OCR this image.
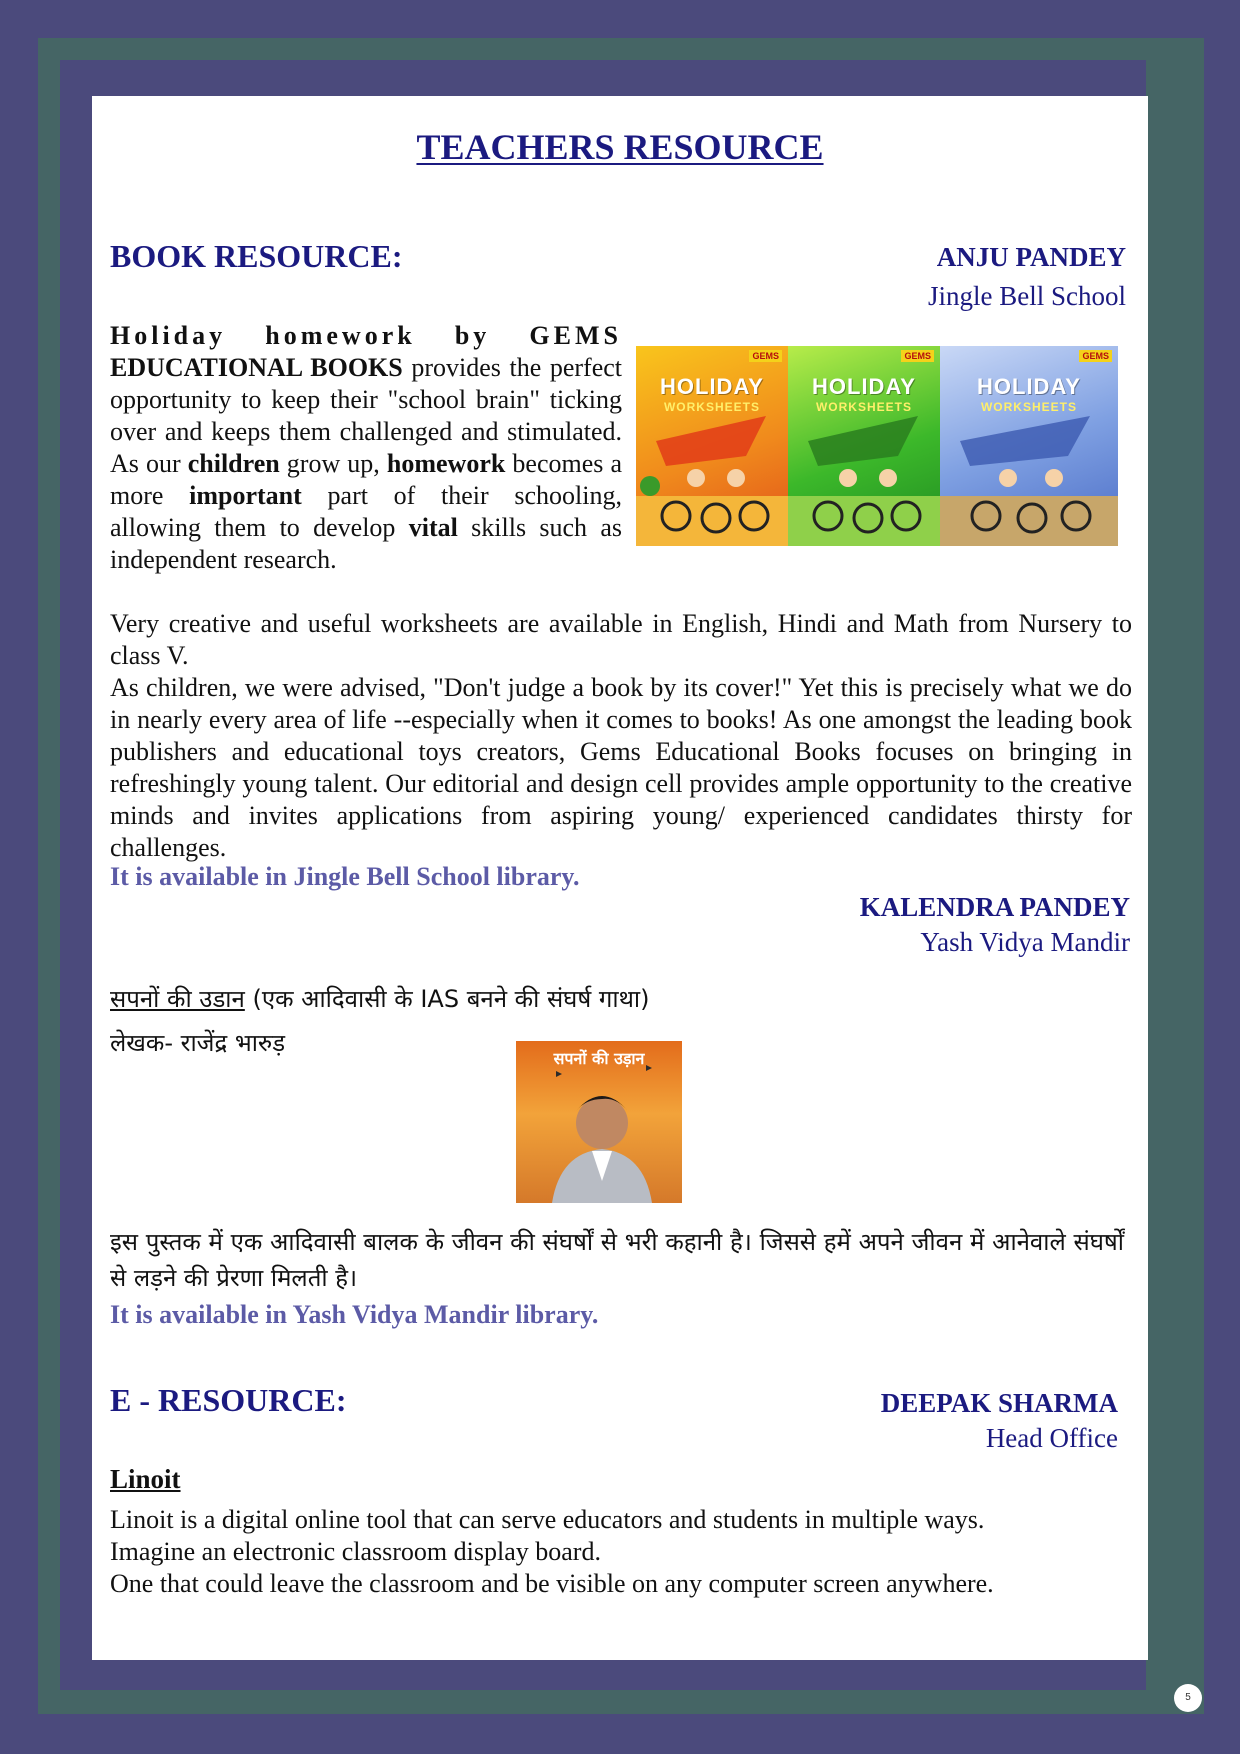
TEACHERS RESOURCE
BOOK RESOURCE:	ANJU PANDEY
Jingle Bell School
Holiday homework by GEMS EDUCATIONAL BOOKS provides the perfect opportunity to keep their "school brain" ticking over and keeps them challenged and stimulated. As our children grow up, homework becomes a more important part of their schooling, allowing them to develop vital skills such as independent research.
GEMS
HOLIDAY
WORKSHEETS
GEMS
HOLIDAY
WORKSHEETS
GEMS
HOLIDAY
WORKSHEETS
Very creative and useful worksheets are available in English, Hindi and Math from Nursery to class V.
As children, we were advised, "Don't judge a book by its cover!" Yet this is precisely what we do in nearly every area of life --especially when it comes to books! As one amongst the leading book publishers and educational toys creators, Gems Educational Books focuses on bringing in refreshingly young talent. Our editorial and design cell provides ample opportunity to the creative minds and invites applications from aspiring young/ experienced candidates thirsty for challenges.
It is available in Jingle Bell School library.
KALENDRA PANDEY
Yash Vidya Mandir
सपनों की उडान (एक आदिवासी के IAS बनने की संघर्ष गाथा)
लेखक- राजेंद्र भारुड़
सपनों की उड़ान
इस पुस्तक में एक आदिवासी बालक के जीवन की संघर्षों से भरी कहानी है। जिससे हमें अपने जीवन में आनेवाले संघर्षों से लड़ने की प्रेरणा मिलती है।
It is available in Yash Vidya Mandir library.
E - RESOURCE:	DEEPAK SHARMA
Head Office
Linoit
Linoit is a digital online tool that can serve educators and students in multiple ways.
Imagine an electronic classroom display board.
One that could leave the classroom and be visible on any computer screen anywhere.
5
